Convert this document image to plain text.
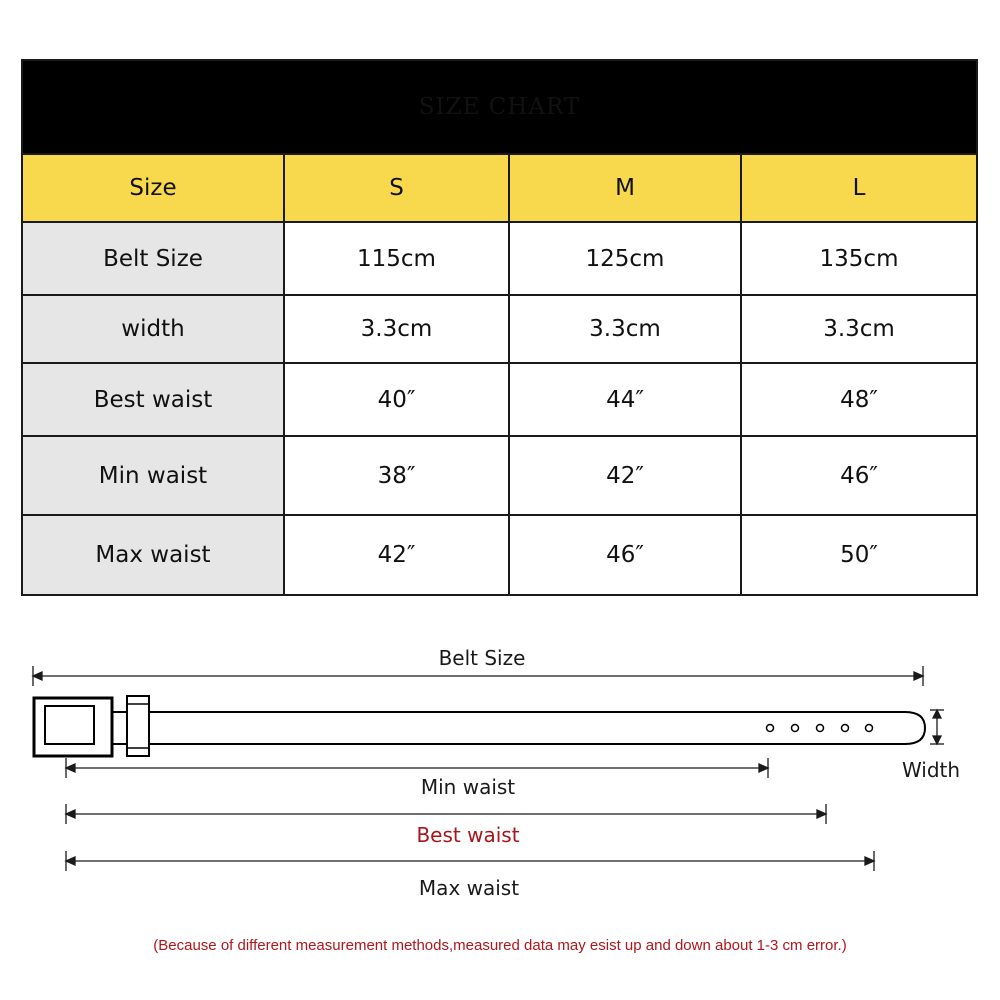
SIZE CHART			
Size	S	M	L
Belt Size	115cm	125cm	135cm
width	3.3cm	3.3cm	3.3cm
Best waist	40″	44″	48″
Min waist	38″	42″	46″
Max waist	42″	46″	50″
Belt Size
Width
Min waist
Best waist
Max waist
(Because of different measurement methods,measured data may esist up and down about 1-3 cm error.)
